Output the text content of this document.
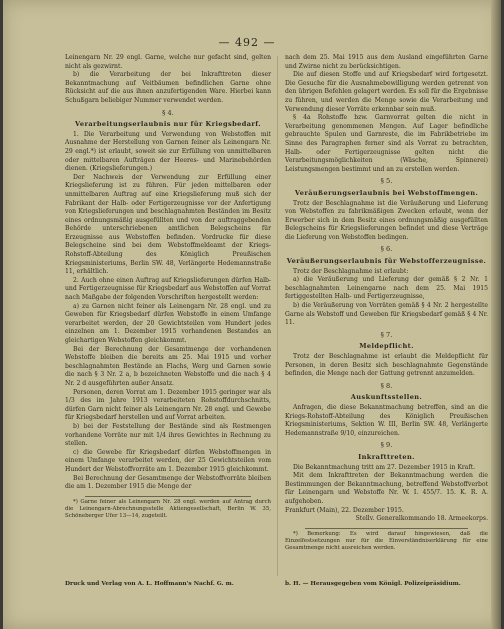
— 492 —

Leinengarn Nr. 29 engl. Garne, welche nur gefacht sind, gelten nicht als gezwirnt.

b) die Verarbeitung der bei Inkrafttreten dieser Bekanntmachung auf Veitbäumen befindlichen Garne ohne Rücksicht auf die aus ihnen anzufertigenden Ware. Hierbei kann Schußgarn beliebiger Nummer verwendet werden.

§ 4.
Verarbeitungserlaubnis nur für Kriegsbedarf.

1. Die Verarbeitung und Verwendung von Webstoffen mit Ausnahme der Herstellung von Garnen feiner als Leinengarn Nr. 29 engl.*) ist erlaubt, soweit sie zur Erfüllung von unmittelbaren oder mittelbaren Aufträgen der Heeres- und Marinebehörden dienen. (Kriegslieferungen.)

Der Nachweis der Verwendung zur Erfüllung einer Kriegslieferung ist zu führen. Für jeden mittelbaren oder unmittelbaren Auftrag auf eine Kriegslieferung muß sich der Fabrikant der Halb- oder Fertigerzeugnisse vor der Anfertigung von Kriegslieferungen und beschlagnahmten Beständen im Besitz eines ordnungsmäßig ausgefüllten und von der auftraggebenden Behörde unterschriebenen amtlichen Belegscheins für Erzeugnisse aus Webstoffen befinden. Vordrucke für diese Belegscheine sind bei dem Webstoffmeldeamt der Kriegs-Rohstoff-Abteilung des Königlich Preußischen Kriegsministeriums, Berlin SW. 48, Verlängerte Hedemannstraße 11, erhältlich.

2. Auch ohne einen Auftrag auf Kriegslieferungen dürfen Halb- und Fertigerzeugnisse für Kriegsbedarf aus Webstoffen auf Vorrat nach Maßgabe der folgenden Vorschriften hergestellt werden:

a) zu Garnen nicht feiner als Leinengarn Nr. 28 engl. und zu Geweben für Kriegsbedarf dürfen Webstoffe in einem Umfange verarbeitet werden, der 20 Gewichtsteilen vom Hundert jedes einzelnen am 1. Dezember 1915 vorhandenen Bestandes an gleichartigen Webstoffen gleichkommt.

Bei der Berechnung der Gesamtmenge der vorhandenen Webstoffe bleiben die bereits am 25. Mai 1915 und vorher beschlagnahmten Bestände an Flachs, Werg und Garnen sowie die nach § 3 Nr. 2 a, b bezeichneten Webstoffe und die nach § 4 Nr. 2 d ausgeführten außer Ansatz.

Personen, deren Vorrat am 1. Dezember 1915 geringer war als 1/3 des im Jahre 1913 verarbeiteten Rohstoffdurchschnitts, dürfen Garn nicht feiner als Leinengarn Nr. 28 engl. und Gewebe für Kriegsbedarf herstellen und auf Vorrat arbeiten.

b) bei der Feststellung der Bestände sind als Restmengen vorhandene Vorräte nur mit 1/4 ihres Gewichtes in Rechnung zu stellen.

c) die Gewebe für Kriegsbedarf dürfen Webstoffmengen in einem Umfange verarbeitet werden, der 25 Gewichtsteilen vom Hundert der Webstoffvorräte am 1. Dezember 1915 gleichkommt.

Bei Berechnung der Gesamtmenge der Webstoffvorräte bleiben die am 1. Dezember 1915 die Menge der

*) Garne feiner als Leinengarn Nr. 28 engl. werden auf Antrag durch die Leinengarn-Abrechnungsstelle Aktiengesellschaft, Berlin W. 35, Schöneberger Ufer 13—14, zugeteilt.

nach dem 25. Mai 1915 aus dem Ausland eingeführten Garne und Zwirne nicht zu berücksichtigen.

Die auf diesen Stoffe und auf Kriegsbedarf wird fortgesetzt. Die Gesuche für die Ausnahmebewilligung werden getrennt von den übrigen Befehlen gelagert werden. Es soll für die Ergebnisse zu führen, und werden die Menge sowie die Verarbeitung und Verwendung dieser Vorräte erkennbar sein muß.

§ 4a Rohstoffe bzw. Garnvorrat gelten die nicht in Verarbeitung genommenen Mengen. Auf Lager befindliche gebrauchte Spulen und Garnreste, die im Fabrikbetriebe im Sinne des Paragraphen ferner sind als Vorrat zu betrachten, Halb- oder Fertigerzeugnisse gelten nicht die Verarbeitungsmöglichkeiten (Wäsche, Spinnerei) Leistungsmengen bestimmt und an zu erstellen werden.

§ 5.
Veräußerungserlaubnis bei Webstoffmengen.

Trotz der Beschlagnahme ist die Veräußerung und Lieferung von Webstoffen zu fabrikmäßigen Zwecken erlaubt, wenn der Erwerber sich in dem Besitz eines ordnungsmäßig ausgefüllten Belegscheins für Kriegslieferungen befindet und diese Verträge die Lieferung von Webstoffen bedingen.

§ 6.
Veräußerungserlaubnis für Webstofferzeugnisse.

Trotz der Beschlagnahme ist erlaubt:

a) die Veräußerung und Lieferung der gemäß § 2 Nr. 1 beschlagnahmten Leinengarne nach dem 25. Mai 1915 fertiggestellten Halb- und Fertigerzeugnisse,

b) die Veräußerung von Vorräten gemäß § 4 Nr. 2 hergestellte Garne als Webstoff und Geweben für Kriegsbedarf gemäß § 4 Nr. 11.

§ 7.
Meldepflicht.

Trotz der Beschlagnahme ist erlaubt die Meldepflicht für Personen, in deren Besitz sich beschlagnahmte Gegenstände befinden, die Menge nach der Gattung getrennt anzumelden.

§ 8.
Auskunftsstellen.

Anfragen, die diese Bekanntmachung betreffen, sind an die Kriegs-Rohstoff-Abteilung des Königlich Preußischen Kriegsministeriums, Sektion W. III, Berlin SW. 48, Verlängerte Hedemannstraße 9/10, einzureichen.

§ 9.
Inkrafttreten.

Die Bekanntmachung tritt am 27. Dezember 1915 in Kraft.

Mit dem Inkrafttreten der Bekanntmachung werden die Bestimmungen der Bekanntmachung, betreffend Webstoffverbot für Leinengarn und Webstoffe Nr. W. I. 455/7. 15. K. R. A. aufgehoben.

Frankfurt (Main), 22. Dezember 1915.

Stellv. Generalkommando 18. Armeekorps.

*) Bemerkung: Es wird darauf hingewiesen, daß die Einzelfestsetzungen nur für die Einverständniserklärung für eine Gesamtmenge nicht ausreichen werden.

Druck und Verlag von A. L. Hoffmann's Nachf. G. m.	b. H. — Herausgegeben vom Königl. Polizeipräsidium.
